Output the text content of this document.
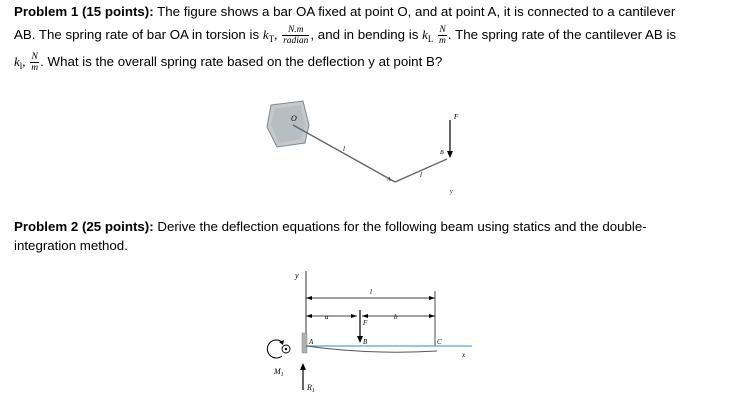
Problem 1 (15 points): The figure shows a bar OA fixed at point O, and at point A, it is connected to a cantilever
AB. The spring rate of bar OA in torsion is $k_T$, $\frac{N.m}{\text{radian}}$ , and in bending is $k_L \frac{N}{m}$ . The spring rate of the cantilever AB is
$k_l$, $\frac{N}{m}$ . What is the overall spring rate based on the deflection y at point B?
O
l
A
B
F
l
y
Problem 2 (25 points): Derive the deflection equations for the following beam using statics and the double-
integration method.
y
l
a	b
F
x
A	B	C
$M_1$
$R_1$
